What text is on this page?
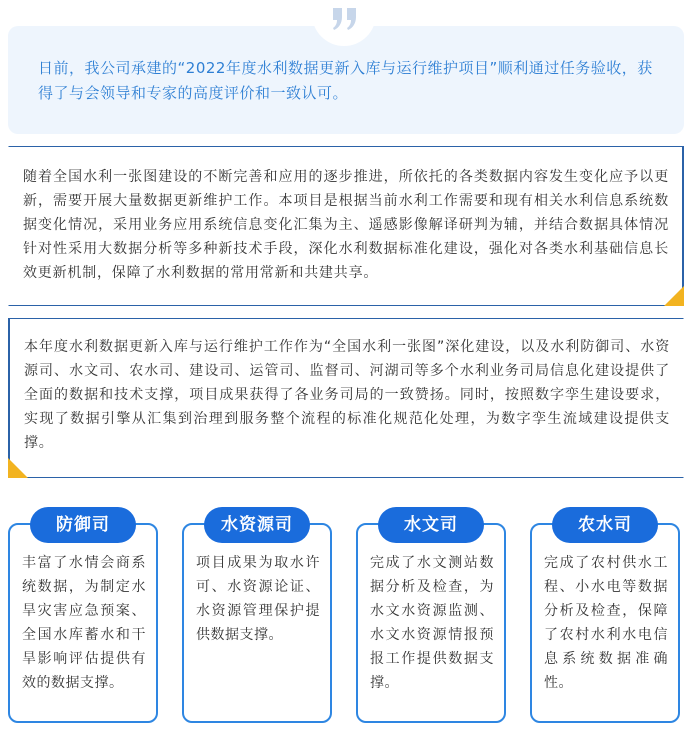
日前，我公司承建的“2022年度水利数据更新入库与运行维护项目”顺利通过任务验收，获得了与会领导和专家的高度评价和一致认可。
随着全国水利一张图建设的不断完善和应用的逐步推进，所依托的各类数据内容发生变化应予以更新，需要开展大量数据更新维护工作。本项目是根据当前水利工作需要和现有相关水利信息系统数据变化情况，采用业务应用系统信息变化汇集为主、遥感影像解译研判为辅，并结合数据具体情况针对性采用大数据分析等多种新技术手段，深化水利数据标准化建设，强化对各类水利基础信息长效更新机制，保障了水利数据的常用常新和共建共享。
本年度水利数据更新入库与运行维护工作作为“全国水利一张图”深化建设，以及水利防御司、水资源司、水文司、农水司、建设司、运管司、监督司、河湖司等多个水利业务司局信息化建设提供了全面的数据和技术支撑，项目成果获得了各业务司局的一致赞扬。同时，按照数字孪生建设要求，实现了数据引擎从汇集到治理到服务整个流程的标准化规范化处理，为数字孪生流域建设提供支撑。
防御司
丰富了水情会商系统数据，为制定水旱灾害应急预案、全国水库蓄水和干旱影响评估提供有效的数据支撑。
水资源司
项目成果为取水许可、水资源论证、水资源管理保护提供数据支撑。
水文司
完成了水文测站数据分析及检查，为水文水资源监测、水文水资源情报预报工作提供数据支撑。
农水司
完成了农村供水工程、小水电等数据分析及检查，保障了农村水利水电信息系统数据准确性。
